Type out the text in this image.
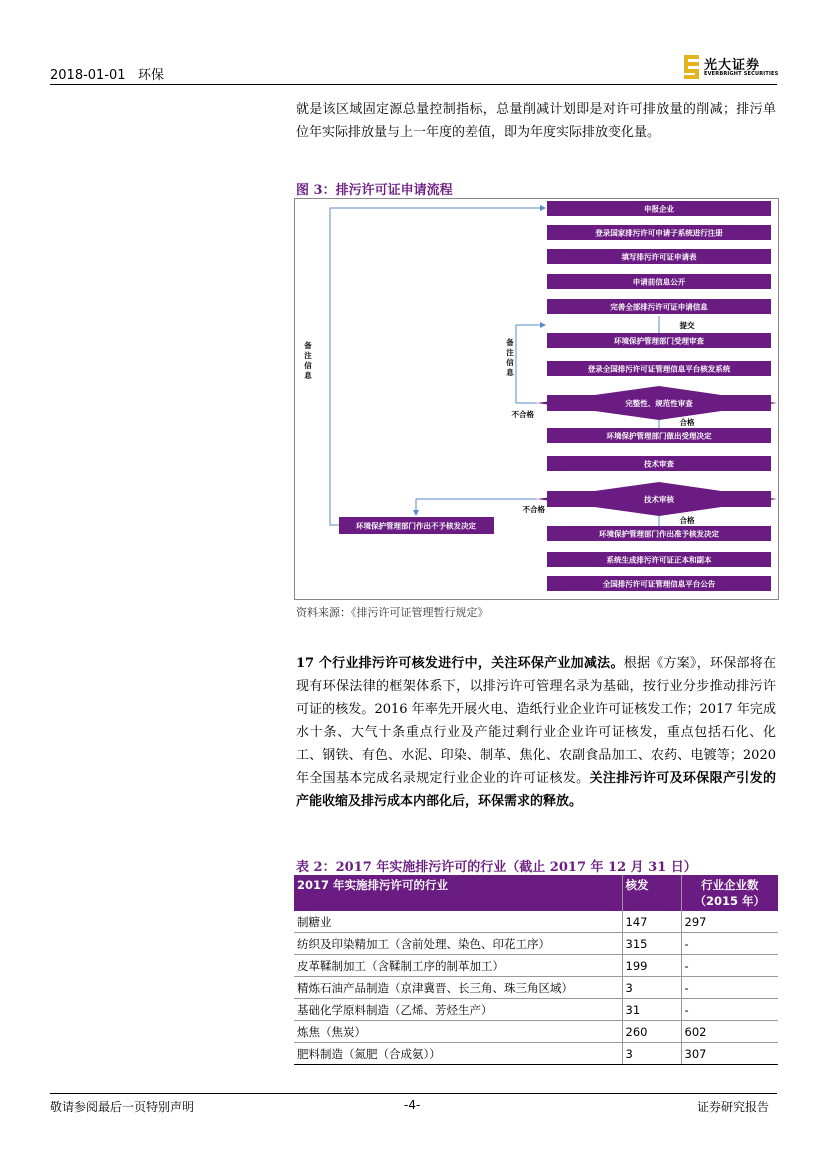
2018-01-01 环保
光大证券
EVERBRIGHT SECURITIES

就是该区域固定源总量控制指标，总量削减计划即是对许可排放量的削减；排污单位年实际排放量与上一年度的差值，即为年度实际排放变化量。

图 3：排污许可证申请流程
申报企业
登录国家排污许可申请子系统进行注册
填写排污许可证申请表
申请前信息公开
完善全部排污许可证申请信息
环境保护管理部门受理审查
登录全国排污许可证管理信息平台核发系统
完整性、规范性审查
环境保护管理部门做出受理决定
技术审查
技术审核
环境保护管理部门作出准予核发决定
系统生成排污许可证正本和副本
全国排污许可证管理信息平台公告
环境保护管理部门作出不予核发决定
提交
合格
合格
不合格
不合格
备注信息
备注信息
资料来源：《排污许可证管理暂行规定》

17 个行业排污许可核发进行中，关注环保产业加减法。根据《方案》，环保部将在现有环保法律的框架体系下，以排污许可管理名录为基础，按行业分步推动排污许可证的核发。2016 年率先开展火电、造纸行业企业许可证核发工作；2017 年完成水十条、大气十条重点行业及产能过剩行业企业许可证核发，重点包括石化、化工、钢铁、有色、水泥、印染、制革、焦化、农副食品加工、农药、电镀等；2020 年全国基本完成名录规定行业企业的许可证核发。关注排污许可及环保限产引发的产能收缩及排污成本内部化后，环保需求的释放。

表 2：2017 年实施排污许可的行业（截止 2017 年 12 月 31 日）
2017 年实施排污许可的行业	核发	行业企业数（2015 年）
制糖业	147	297
纺织及印染精加工（含前处理、染色、印花工序）	315	-
皮革鞣制加工（含鞣制工序的制革加工）	199	-
精炼石油产品制造（京津冀晋、长三角、珠三角区域）	3	-
基础化学原料制造（乙烯、芳烃生产）	31	-
炼焦（焦炭）	260	602
肥料制造（氮肥（合成氨））	3	307
敬请参阅最后一页特别声明	-4-	证券研究报告
